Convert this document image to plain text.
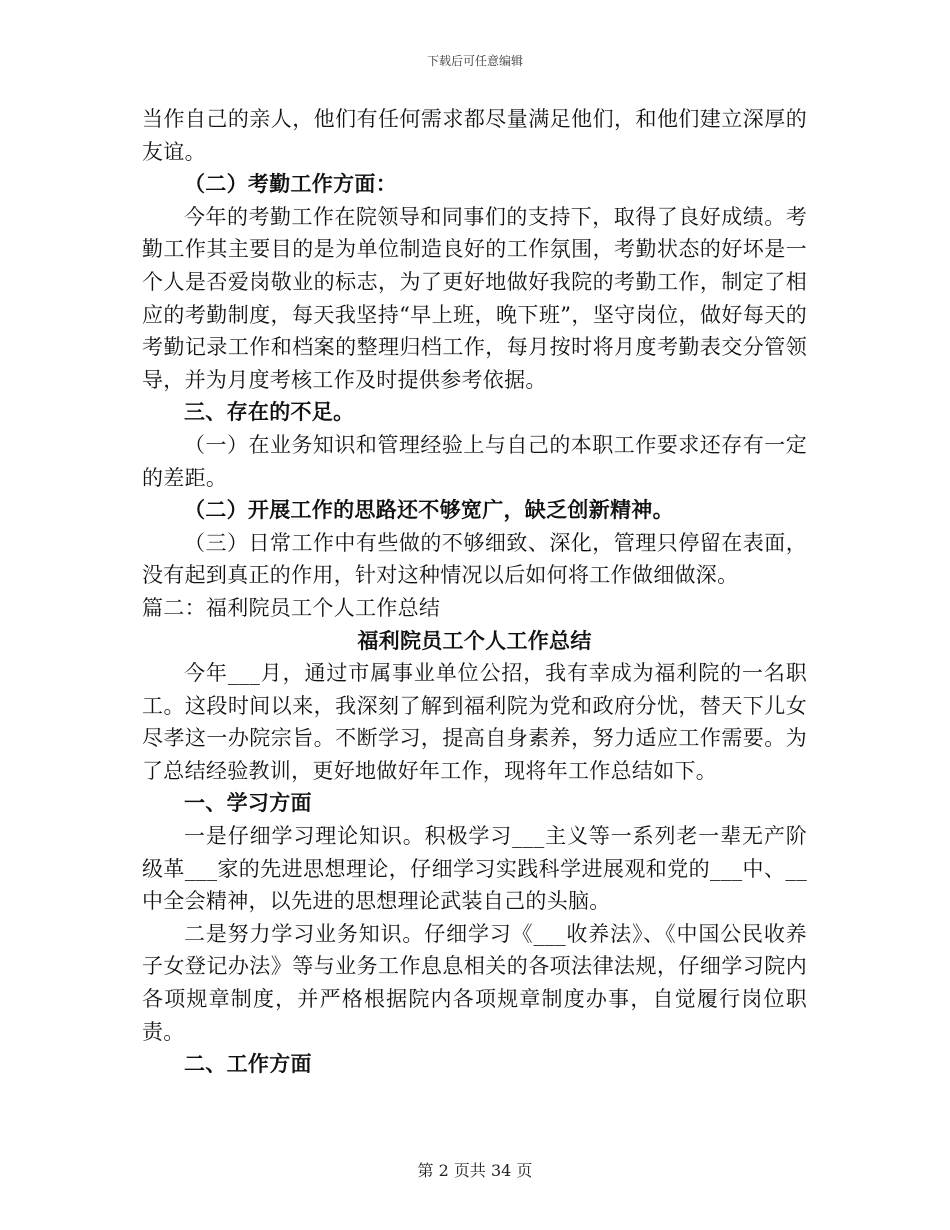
下载后可任意编辑

当作自己的亲人，他们有任何需求都尽量满足他们，和他们建立深厚的友谊。

（二）考勤工作方面：

今年的考勤工作在院领导和同事们的支持下，取得了良好成绩。考勤工作其主要目的是为单位制造良好的工作氛围，考勤状态的好坏是一个人是否爱岗敬业的标志，为了更好地做好我院的考勤工作，制定了相应的考勤制度，每天我坚持“早上班，晚下班”，坚守岗位，做好每天的考勤记录工作和档案的整理归档工作，每月按时将月度考勤表交分管领导，并为月度考核工作及时提供参考依据。

三、存在的不足。

（一）在业务知识和管理经验上与自己的本职工作要求还存有一定的差距。

（二）开展工作的思路还不够宽广，缺乏创新精神。

（三）日常工作中有些做的不够细致、深化，管理只停留在表面，没有起到真正的作用，针对这种情况以后如何将工作做细做深。

篇二：福利院员工个人工作总结

福利院员工个人工作总结

今年___月，通过市属事业单位公招，我有幸成为福利院的一名职工。这段时间以来，我深刻了解到福利院为党和政府分忧，替天下儿女尽孝这一办院宗旨。不断学习，提高自身素养，努力适应工作需要。为了总结经验教训，更好地做好年工作，现将年工作总结如下。

一、学习方面

一是仔细学习理论知识。积极学习___主义等一系列老一辈无产阶级革___家的先进思想理论，仔细学习实践科学进展观和党的___中、__中全会精神，以先进的思想理论武装自己的头脑。

二是努力学习业务知识。仔细学习《___收养法》、《中国公民收养子女登记办法》等与业务工作息息相关的各项法律法规，仔细学习院内各项规章制度，并严格根据院内各项规章制度办事，自觉履行岗位职责。

二、工作方面

第 2 页共 34 页
